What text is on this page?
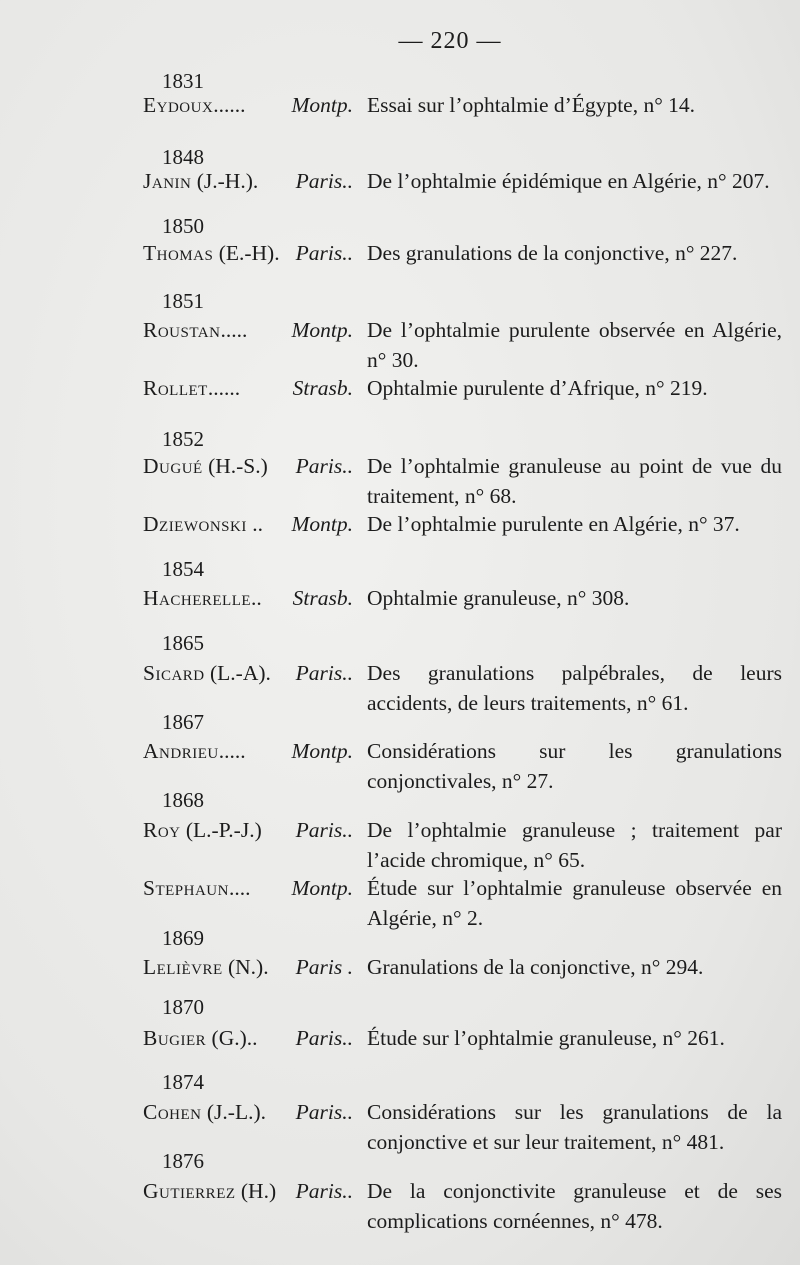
— 220 —
1831
Eydoux......	Montp. Essai sur l’ophtalmie d’Égypte, n° 14.
1848
Janin (J.-H.).	Paris.. De l’ophtalmie épidémique en Algérie, n° 207.
1850
Thomas (E.-H). Paris.. Des granulations de la conjonctive, n° 227.
1851
Roustan.....	Montp. De l’ophtalmie purulente observée en Algérie, n° 30.
Rollet......	Strasb. Ophtalmie purulente d’Afrique, n° 219.
1852
Dugué (H.-S.)	Paris.. De l’ophtalmie granuleuse au point de vue du traitement, n° 68.
Dziewonski ..	Montp. De l’ophtalmie purulente en Algérie, n° 37.
1854
Hacherelle..	Strasb. Ophtalmie granuleuse, n° 308.
1865
Sicard (L.-A).	Paris.. Des granulations palpébrales, de leurs accidents, de leurs traitements, n° 61.
1867
Andrieu.....	Montp. Considérations sur les granulations conjonctivales, n° 27.
1868
Roy (L.-P.-J.)	Paris.. De l’ophtalmie granuleuse ; traitement par l’acide chromique, n° 65.
Stephaun....	Montp. Étude sur l’ophtalmie granuleuse observée en Algérie, n° 2.
1869
Lelièvre (N.).	Paris . Granulations de la conjonctive, n° 294.
1870
Bugier (G.)..	Paris.. Étude sur l’ophtalmie granuleuse, n° 261.
1874
Cohen (J.-L.).	Paris.. Considérations sur les granulations de la conjonctive et sur leur traitement, n° 481.
1876
Gutierrez (H.) Paris.. De la conjonctivite granuleuse et de ses complications cornéennes, n° 478.
